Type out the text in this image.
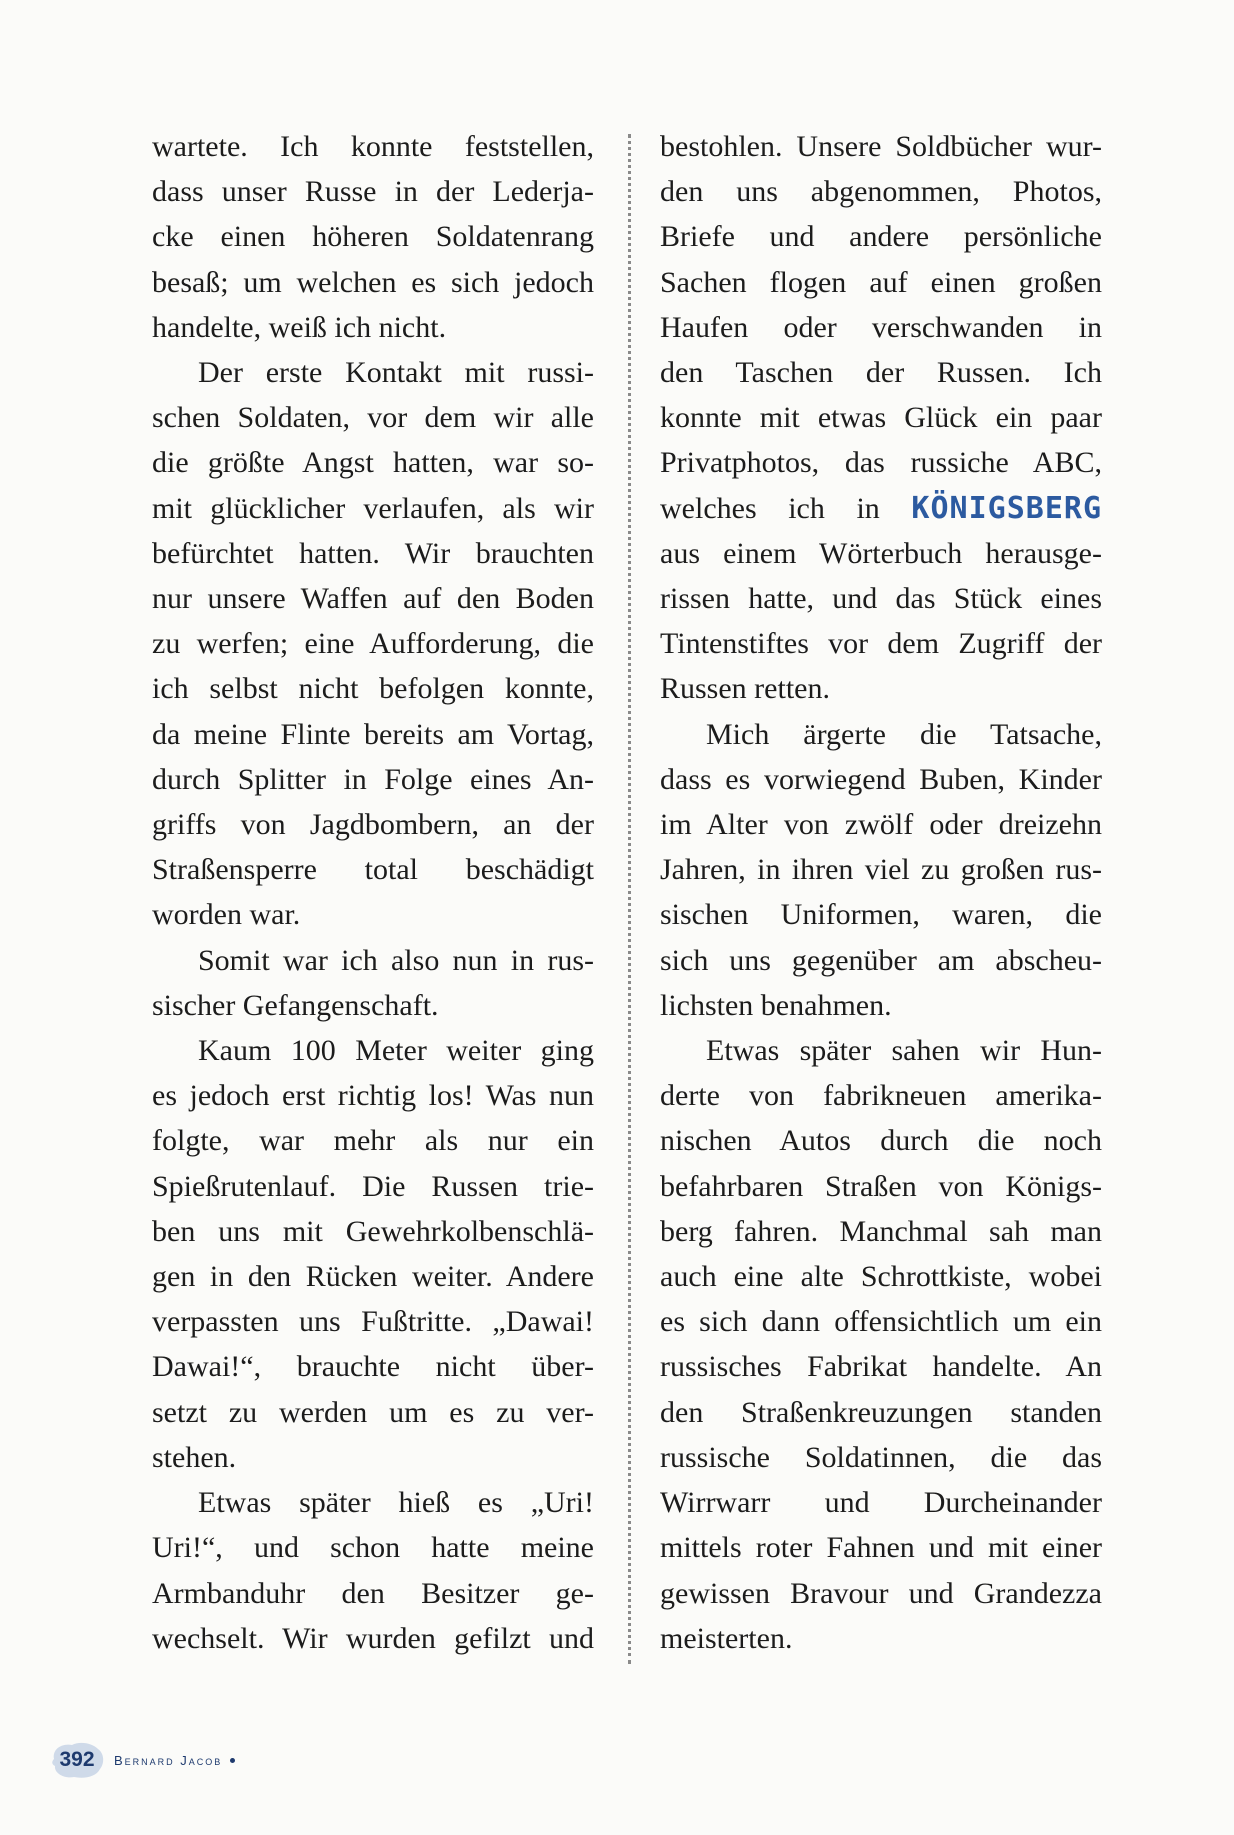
wartete. Ich konnte feststellen,

dass unser Russe in der Lederja-

cke einen höheren Soldatenrang

besaß; um welchen es sich jedoch

handelte, weiß ich nicht.

Der erste Kontakt mit russi-

schen Soldaten, vor dem wir alle

die größte Angst hatten, war so-

mit glücklicher verlaufen, als wir

befürchtet hatten. Wir brauchten

nur unsere Waffen auf den Boden

zu werfen; eine Aufforderung, die

ich selbst nicht befolgen konnte,

da meine Flinte bereits am Vortag,

durch Splitter in Folge eines An-

griffs von Jagdbombern, an der

Straßensperre total beschädigt

worden war.

Somit war ich also nun in rus-

sischer Gefangenschaft.

Kaum 100 Meter weiter ging

es jedoch erst richtig los! Was nun

folgte, war mehr als nur ein

Spießrutenlauf. Die Russen trie-

ben uns mit Gewehrkolbenschlä-

gen in den Rücken weiter. Andere

verpassten uns Fußtritte. „Dawai!

Dawai!“, brauchte nicht über-

setzt zu werden um es zu ver-

stehen.

Etwas später hieß es „Uri!

Uri!“, und schon hatte meine

Armbanduhr den Besitzer ge-

wechselt. Wir wurden gefilzt und

bestohlen. Unsere Soldbücher wur-

den uns abgenommen, Photos,

Briefe und andere persönliche

Sachen flogen auf einen großen

Haufen oder verschwanden in

den Taschen der Russen. Ich

konnte mit etwas Glück ein paar

Privatphotos, das russiche ABC,

welches ich in KÖNIGSBERG

aus einem Wörterbuch herausge-

rissen hatte, und das Stück eines

Tintenstiftes vor dem Zugriff der

Russen retten.

Mich ärgerte die Tatsache,

dass es vorwiegend Buben, Kinder

im Alter von zwölf oder dreizehn

Jahren, in ihren viel zu großen rus-

sischen Uniformen, waren, die

sich uns gegenüber am abscheu-

lichsten benahmen.

Etwas später sahen wir Hun-

derte von fabrikneuen amerika-

nischen Autos durch die noch

befahrbaren Straßen von Königs-

berg fahren. Manchmal sah man

auch eine alte Schrottkiste, wobei

es sich dann offensichtlich um ein

russisches Fabrikat handelte. An

den Straßenkreuzungen standen

russische Soldatinnen, die das

Wirrwarr und Durcheinander

mittels roter Fahnen und mit einer

gewissen Bravour und Grandezza

meisterten.

392 Bernard Jacob
